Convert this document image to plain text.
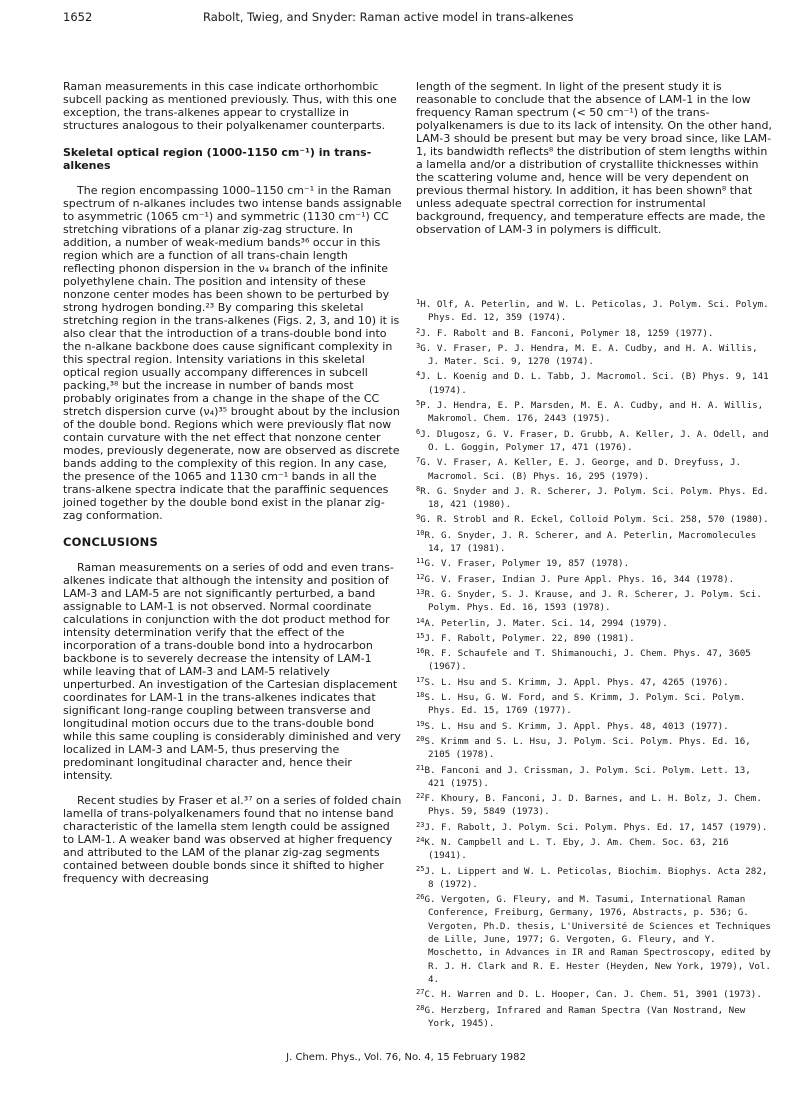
1652	Rabolt, Twieg, and Snyder: Raman active model in trans-alkenes

Raman measurements in this case indicate orthorhombic subcell packing as mentioned previously. Thus, with this one exception, the trans-alkenes appear to crystallize in structures analogous to their polyalkenamer counterparts.

Skeletal optical region (1000-1150 cm⁻¹) in trans-alkenes

The region encompassing 1000–1150 cm⁻¹ in the Raman spectrum of n-alkanes includes two intense bands assignable to asymmetric (1065 cm⁻¹) and symmetric (1130 cm⁻¹) CC stretching vibrations of a planar zig-zag structure. In addition, a number of weak-medium bands³⁶ occur in this region which are a function of all trans-chain length reflecting phonon dispersion in the ν₄ branch of the infinite polyethylene chain. The position and intensity of these nonzone center modes has been shown to be perturbed by strong hydrogen bonding.²³ By comparing this skeletal stretching region in the trans-alkenes (Figs. 2, 3, and 10) it is also clear that the introduction of a trans-double bond into the n-alkane backbone does cause significant complexity in this spectral region. Intensity variations in this skeletal optical region usually accompany differences in subcell packing,³⁸ but the increase in number of bands most probably originates from a change in the shape of the CC stretch dispersion curve (ν₄)³⁵ brought about by the inclusion of the double bond. Regions which were previously flat now contain curvature with the net effect that nonzone center modes, previously degenerate, now are observed as discrete bands adding to the complexity of this region. In any case, the presence of the 1065 and 1130 cm⁻¹ bands in all the trans-alkene spectra indicate that the paraffinic sequences joined together by the double bond exist in the planar zig-zag conformation.

CONCLUSIONS

Raman measurements on a series of odd and even trans-alkenes indicate that although the intensity and position of LAM-3 and LAM-5 are not significantly perturbed, a band assignable to LAM-1 is not observed. Normal coordinate calculations in conjunction with the dot product method for intensity determination verify that the effect of the incorporation of a trans-double bond into a hydrocarbon backbone is to severely decrease the intensity of LAM-1 while leaving that of LAM-3 and LAM-5 relatively unperturbed. An investigation of the Cartesian displacement coordinates for LAM-1 in the trans-alkenes indicates that significant long-range coupling between transverse and longitudinal motion occurs due to the trans-double bond while this same coupling is considerably diminished and very localized in LAM-3 and LAM-5, thus preserving the predominant longitudinal character and, hence their intensity.

Recent studies by Fraser et al.³⁷ on a series of folded chain lamella of trans-polyalkenamers found that no intense band characteristic of the lamella stem length could be assigned to LAM-1. A weaker band was observed at higher frequency and attributed to the LAM of the planar zig-zag segments contained between double bonds since it shifted to higher frequency with decreasing

length of the segment. In light of the present study it is reasonable to conclude that the absence of LAM-1 in the low frequency Raman spectrum (< 50 cm⁻¹) of the trans-polyalkenamers is due to its lack of intensity. On the other hand, LAM-3 should be present but may be very broad since, like LAM-1, its bandwidth reflects⁸ the distribution of stem lengths within a lamella and/or a distribution of crystallite thicknesses within the scattering volume and, hence will be very dependent on previous thermal history. In addition, it has been shown⁸ that unless adequate spectral correction for instrumental background, frequency, and temperature effects are made, the observation of LAM-3 in polymers is difficult.

$^1$H. Olf, A. Peterlin, and W. L. Peticolas, J. Polym. Sci. Polym. Phys. Ed. 12, 359 (1974).
$^2$J. F. Rabolt and B. Fanconi, Polymer 18, 1259 (1977).
$^3$G. V. Fraser, P. J. Hendra, M. E. A. Cudby, and H. A. Willis, J. Mater. Sci. 9, 1270 (1974).
$^4$J. L. Koenig and D. L. Tabb, J. Macromol. Sci. (B) Phys. 9, 141 (1974).
$^5$P. J. Hendra, E. P. Marsden, M. E. A. Cudby, and H. A. Willis, Makromol. Chem. 176, 2443 (1975).
$^6$J. Dlugosz, G. V. Fraser, D. Grubb, A. Keller, J. A. Odell, and O. L. Goggin, Polymer 17, 471 (1976).
$^7$G. V. Fraser, A. Keller, E. J. George, and D. Dreyfuss, J. Macromol. Sci. (B) Phys. 16, 295 (1979).
$^8$R. G. Snyder and J. R. Scherer, J. Polym. Sci. Polym. Phys. Ed. 18, 421 (1980).
$^9$G. R. Strobl and R. Eckel, Colloid Polym. Sci. 258, 570 (1980).
$^{10}$R. G. Snyder, J. R. Scherer, and A. Peterlin, Macromolecules 14, 17 (1981).
$^{11}$G. V. Fraser, Polymer 19, 857 (1978).
$^{12}$G. V. Fraser, Indian J. Pure Appl. Phys. 16, 344 (1978).
$^{13}$R. G. Snyder, S. J. Krause, and J. R. Scherer, J. Polym. Sci. Polym. Phys. Ed. 16, 1593 (1978).
$^{14}$A. Peterlin, J. Mater. Sci. 14, 2994 (1979).
$^{15}$J. F. Rabolt, Polymer. 22, 890 (1981).
$^{16}$R. F. Schaufele and T. Shimanouchi, J. Chem. Phys. 47, 3605 (1967).
$^{17}$S. L. Hsu and S. Krimm, J. Appl. Phys. 47, 4265 (1976).
$^{18}$S. L. Hsu, G. W. Ford, and S. Krimm, J. Polym. Sci. Polym. Phys. Ed. 15, 1769 (1977).
$^{19}$S. L. Hsu and S. Krimm, J. Appl. Phys. 48, 4013 (1977).
$^{20}$S. Krimm and S. L. Hsu, J. Polym. Sci. Polym. Phys. Ed. 16, 2105 (1978).
$^{21}$B. Fanconi and J. Crissman, J. Polym. Sci. Polym. Lett. 13, 421 (1975).
$^{22}$F. Khoury, B. Fanconi, J. D. Barnes, and L. H. Bolz, J. Chem. Phys. 59, 5849 (1973).
$^{23}$J. F. Rabolt, J. Polym. Sci. Polym. Phys. Ed. 17, 1457 (1979).
$^{24}$K. N. Campbell and L. T. Eby, J. Am. Chem. Soc. 63, 216 (1941).
$^{25}$J. L. Lippert and W. L. Peticolas, Biochim. Biophys. Acta 282, 8 (1972).
$^{26}$G. Vergoten, G. Fleury, and M. Tasumi, International Raman Conference, Freiburg, Germany, 1976, Abstracts, p. 536; G. Vergoten, Ph.D. thesis, L'Université de Sciences et Techniques de Lille, June, 1977; G. Vergoten, G. Fleury, and Y. Moschetto, in Advances in IR and Raman Spectroscopy, edited by R. J. H. Clark and R. E. Hester (Heyden, New York, 1979), Vol. 4.
$^{27}$C. H. Warren and D. L. Hooper, Can. J. Chem. 51, 3901 (1973).
$^{28}$G. Herzberg, Infrared and Raman Spectra (Van Nostrand, New York, 1945).
J. Chem. Phys., Vol. 76, No. 4, 15 February 1982
